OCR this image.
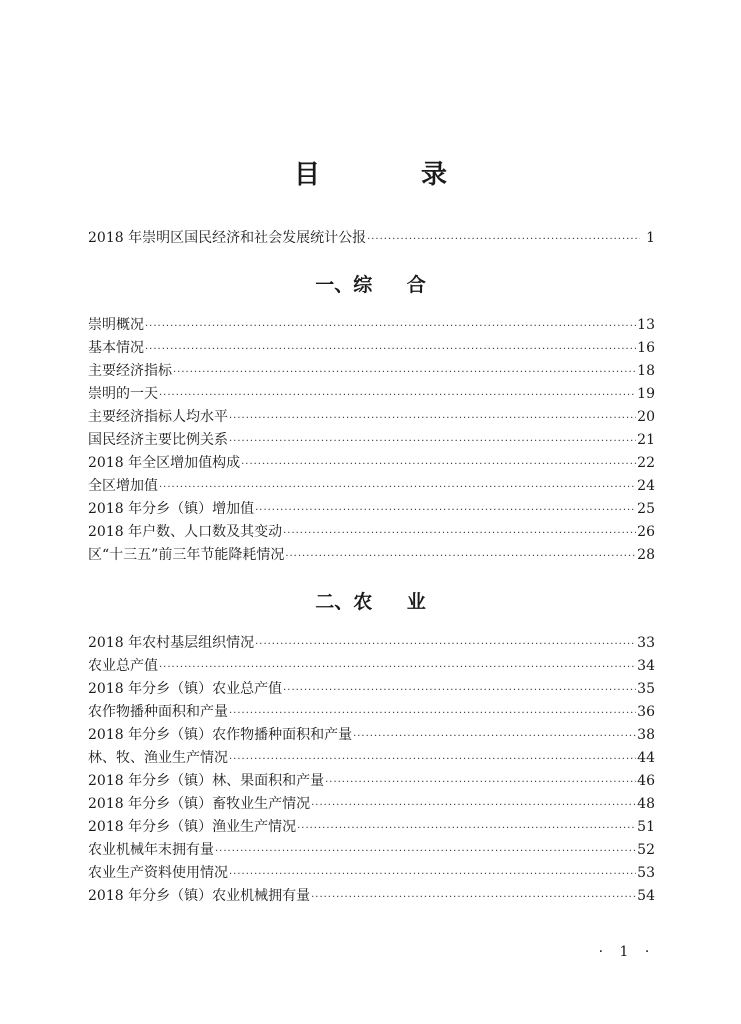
目 录
2018 年崇明区国民经济和社会发展统计公报 ·····	1
一、综 合
崇明概况 ·····	13
基本情况 ·····	16
主要经济指标 ·····	18
崇明的一天 ·····	19
主要经济指标人均水平 ·····	20
国民经济主要比例关系 ·····	21
2018 年全区增加值构成 ·····	22
全区增加值 ·····	24
2018 年分乡（镇）增加值 ·····	25
2018 年户数、人口数及其变动 ·····	26
区“十三五”前三年节能降耗情况 ·····	28
二、农 业
2018 年农村基层组织情况 ·····	33
农业总产值 ·····	34
2018 年分乡（镇）农业总产值 ·····	35
农作物播种面积和产量 ·····	36
2018 年分乡（镇）农作物播种面积和产量 ·····	38
林、牧、渔业生产情况 ·····	44
2018 年分乡（镇）林、果面积和产量 ·····	46
2018 年分乡（镇）畜牧业生产情况 ·····	48
2018 年分乡（镇）渔业生产情况 ·····	51
农业机械年末拥有量 ·····	52
农业生产资料使用情况 ·····	53
2018 年分乡（镇）农业机械拥有量 ·····	54
· 1 ·
